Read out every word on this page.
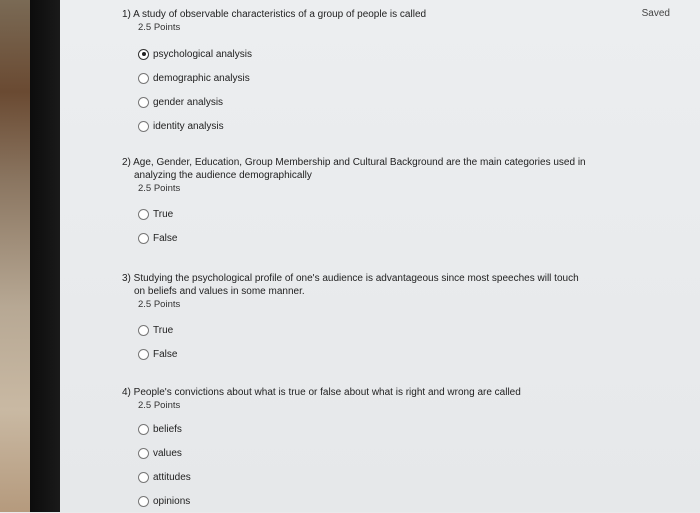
Saved
1) A study of observable characteristics of a group of people is called
2.5 Points
psychological analysis
demographic analysis
gender analysis
identity analysis
2) Age, Gender, Education, Group Membership and Cultural Background are the main categories used in analyzing the audience demographically
2.5 Points
True
False
3) Studying the psychological profile of one's audience is advantageous since most speeches will touch on beliefs and values in some manner.
2.5 Points
True
False
4) People's convictions about what is true or false about what is right and wrong are called
2.5 Points
beliefs
values
attitudes
opinions
